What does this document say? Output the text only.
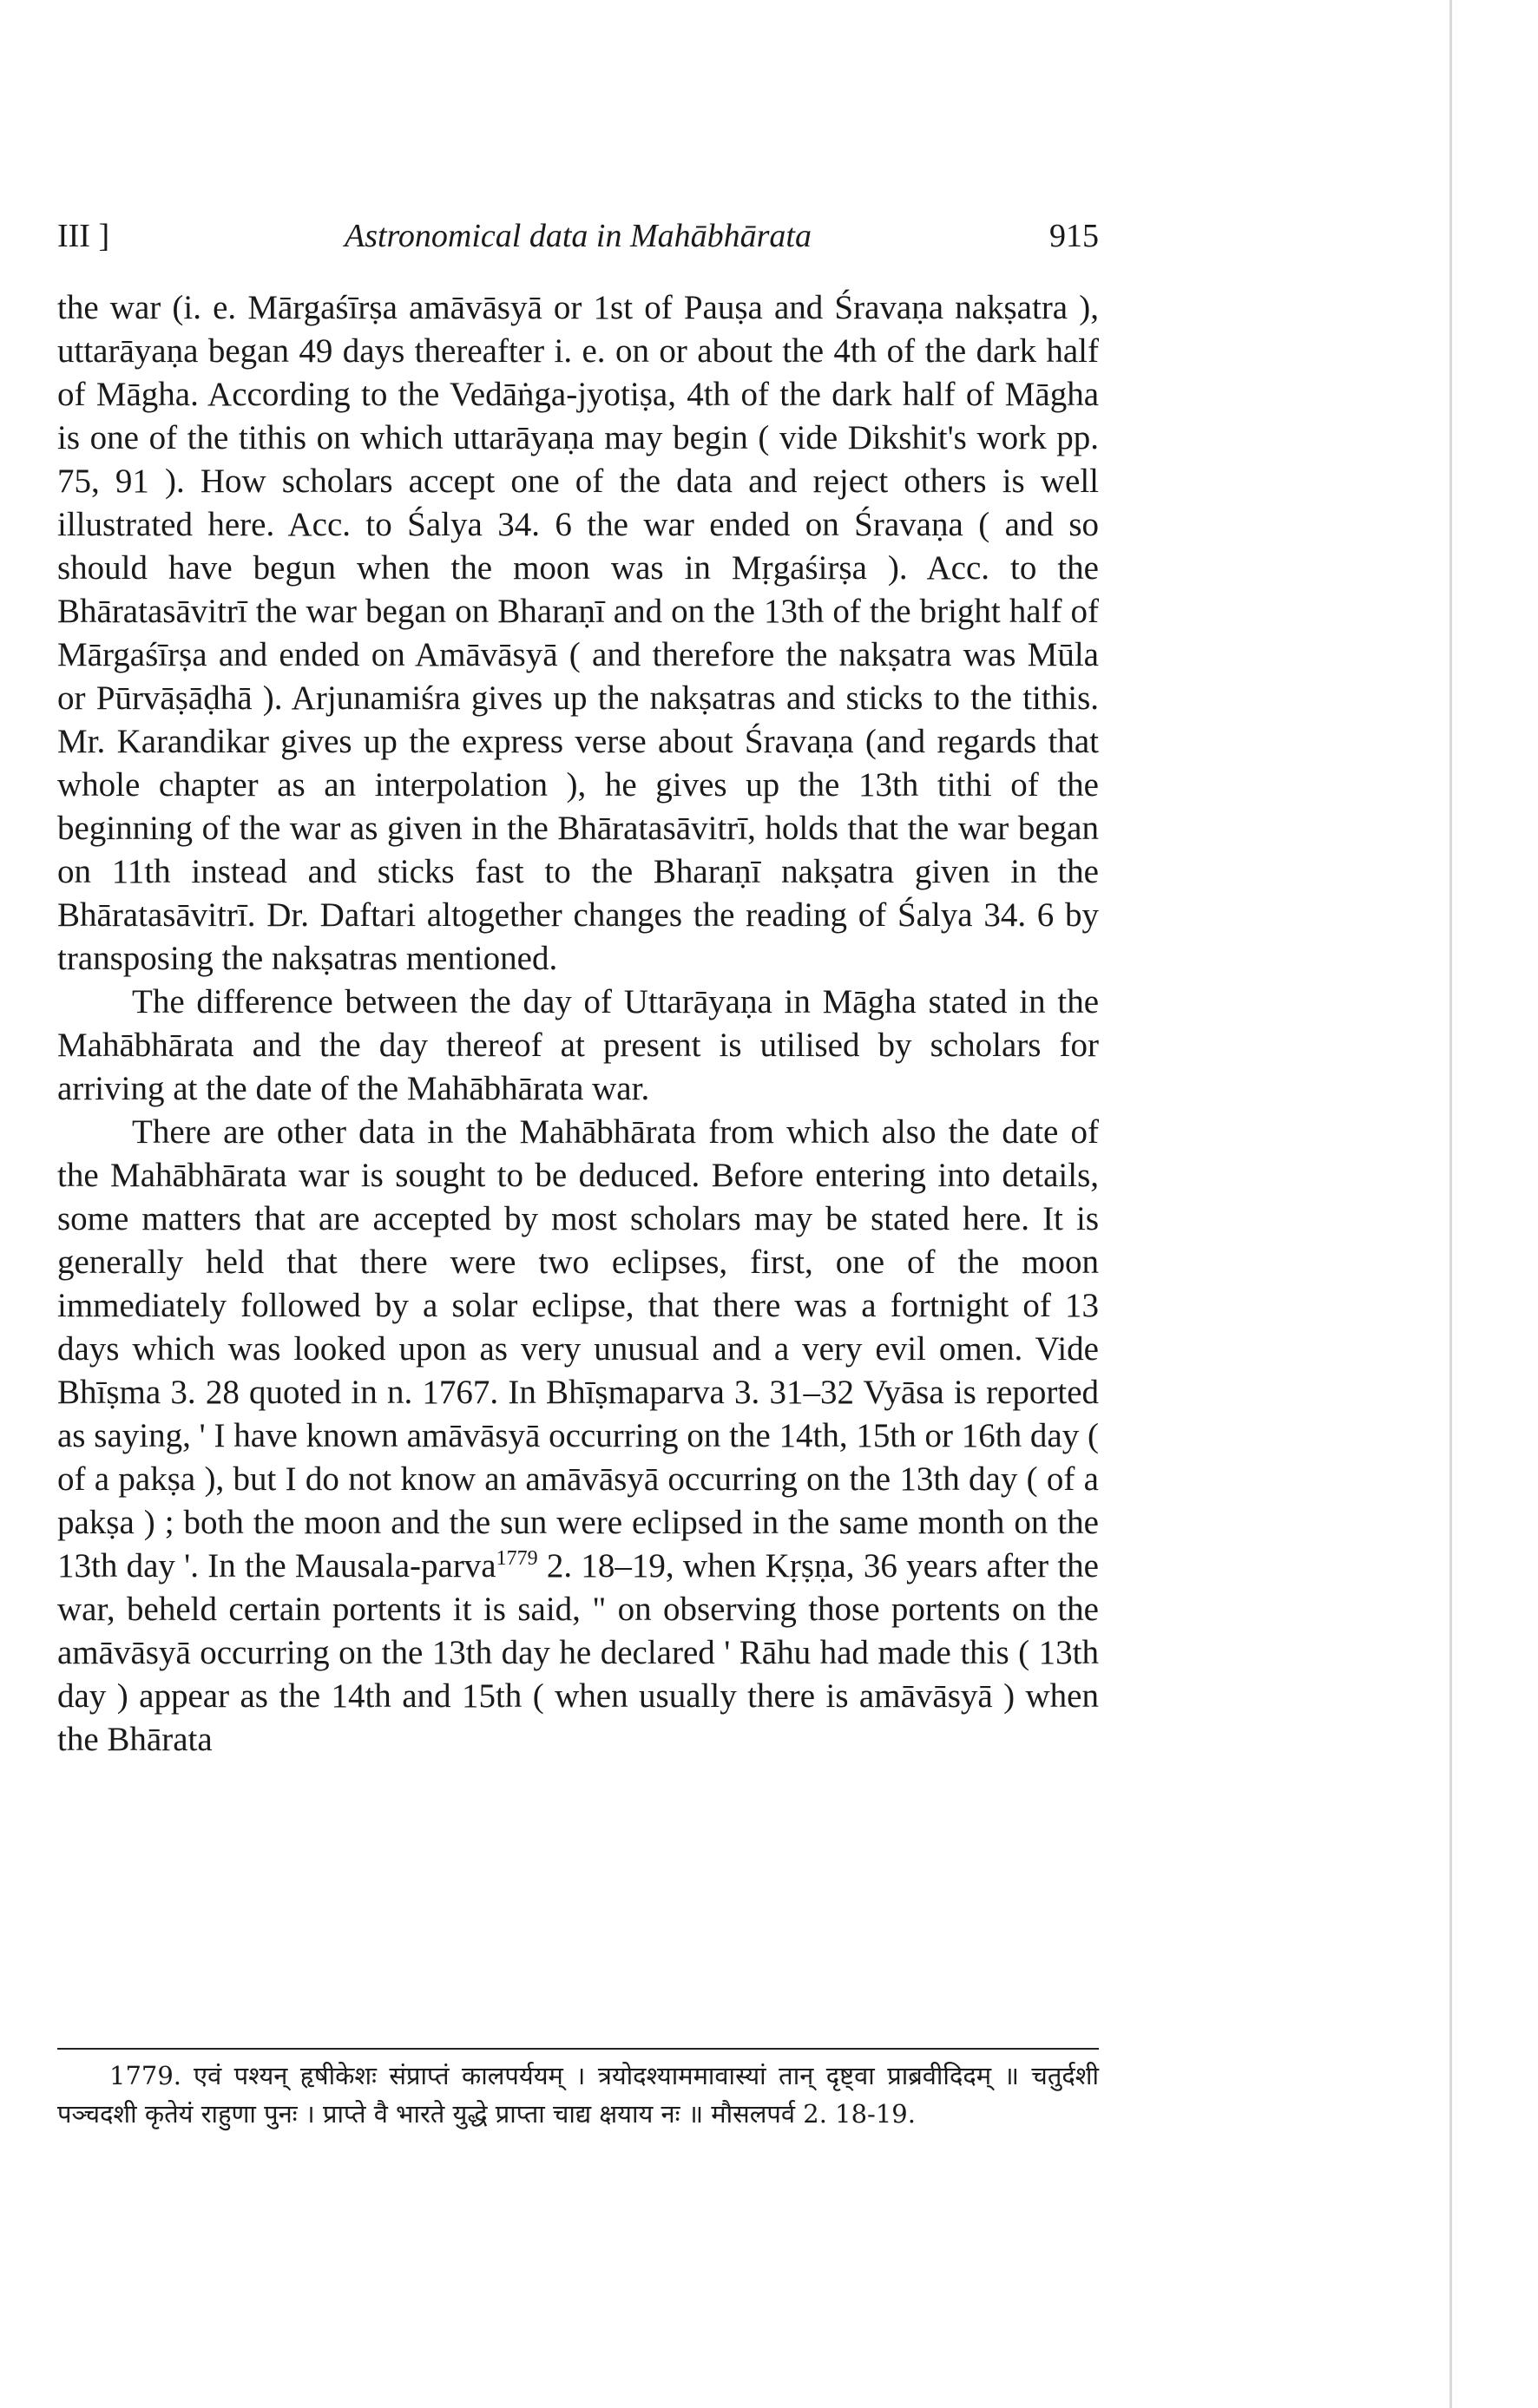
III ]	Astronomical data in Mahābhārata	915

the war (i. e. Mārgaśīrṣa amāvāsyā or 1st of Pauṣa and Śravaṇa nakṣatra ), uttarāyaṇa began 49 days thereafter i. e. on or about the 4th of the dark half of Māgha. According to the Vedāṅga-jyotiṣa, 4th of the dark half of Māgha is one of the tithis on which uttarāyaṇa may begin ( vide Dikshit's work pp. 75, 91 ). How scholars accept one of the data and reject others is well illustrated here. Acc. to Śalya 34. 6 the war ended on Śravaṇa ( and so should have begun when the moon was in Mṛgaśirṣa ). Acc. to the Bhāratasāvitrī the war began on Bharaṇī and on the 13th of the bright half of Mārgaśīrṣa and ended on Amāvāsyā ( and therefore the nakṣatra was Mūla or Pūrvāṣāḍhā ). Arjunamiśra gives up the nakṣatras and sticks to the tithis. Mr. Karandikar gives up the express verse about Śravaṇa (and regards that whole chapter as an interpolation ), he gives up the 13th tithi of the beginning of the war as given in the Bhāratasāvitrī, holds that the war began on 11th instead and sticks fast to the Bharaṇī nakṣatra given in the Bhāratasāvitrī. Dr. Daftari altogether changes the reading of Śalya 34. 6 by transposing the nakṣatras mentioned.

The difference between the day of Uttarāyaṇa in Māgha stated in the Mahābhārata and the day thereof at present is utilised by scholars for arriving at the date of the Mahābhārata war.

There are other data in the Mahābhārata from which also the date of the Mahābhārata war is sought to be deduced. Before entering into details, some matters that are accepted by most scholars may be stated here. It is generally held that there were two eclipses, first, one of the moon immediately followed by a solar eclipse, that there was a fortnight of 13 days which was looked upon as very unusual and a very evil omen. Vide Bhīṣma 3. 28 quoted in n. 1767. In Bhīṣmaparva 3. 31–32 Vyāsa is reported as saying, ' I have known amāvāsyā occurring on the 14th, 15th or 16th day ( of a pakṣa ), but I do not know an amāvāsyā occurring on the 13th day ( of a pakṣa ) ; both the moon and the sun were eclipsed in the same month on the 13th day '. In the Mausala-parva$^{1779}$ 2. 18–19, when Kṛṣṇa, 36 years after the war, beheld certain portents it is said, " on observing those portents on the amāvāsyā occurring on the 13th day he declared ' Rāhu had made this ( 13th day ) appear as the 14th and 15th ( when usually there is amāvāsyā ) when the Bhārata

1779. एवं पश्यन् हृषीकेशः संप्राप्तं कालपर्ययम् । त्रयोदश्याममावास्यां तान् दृष्ट्वा प्राब्रवीदिदम् ॥ चतुर्दशी पञ्चदशी कृतेयं राहुणा पुनः । प्राप्ते वै भारते युद्धे प्राप्ता चाद्य क्षयाय नः ॥ मौसलपर्व 2. 18-19.
